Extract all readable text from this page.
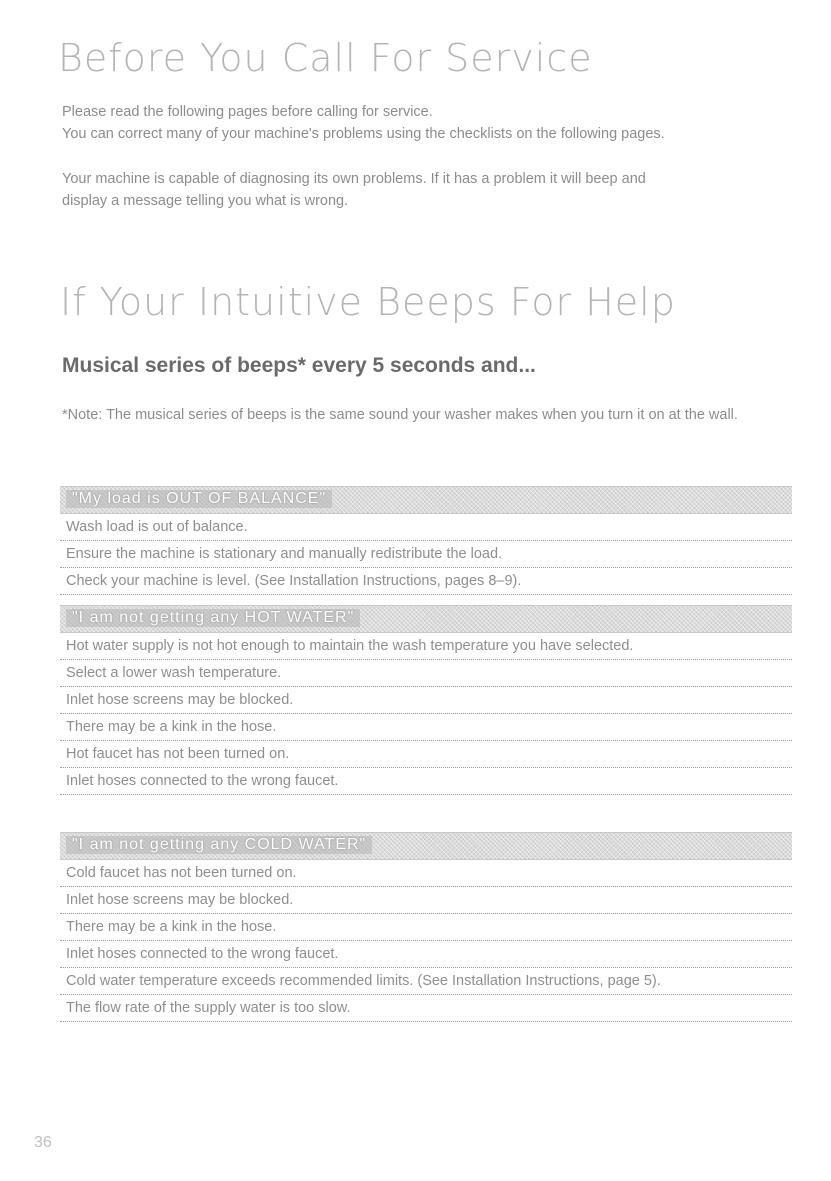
Before You Call For Service
Please read the following pages before calling for service.
You can correct many of your machine's problems using the checklists on the following pages.
Your machine is capable of diagnosing its own problems. If it has a problem it will beep and
display a message telling you what is wrong.
If Your Intuitive Beeps For Help
Musical series of beeps* every 5 seconds and...

*Note: The musical series of beeps is the same sound your washer makes when you turn it on at the wall.

"My load is OUT OF BALANCE"
Wash load is out of balance.
Ensure the machine is stationary and manually redistribute the load.
Check your machine is level. (See Installation Instructions, pages 8–9).
"I am not getting any HOT WATER"
Hot water supply is not hot enough to maintain the wash temperature you have selected.
Select a lower wash temperature.
Inlet hose screens may be blocked.
There may be a kink in the hose.
Hot faucet has not been turned on.
Inlet hoses connected to the wrong faucet.
"I am not getting any COLD WATER"
Cold faucet has not been turned on.
Inlet hose screens may be blocked.
There may be a kink in the hose.
Inlet hoses connected to the wrong faucet.
Cold water temperature exceeds recommended limits. (See Installation Instructions, page 5).
The flow rate of the supply water is too slow.
36
